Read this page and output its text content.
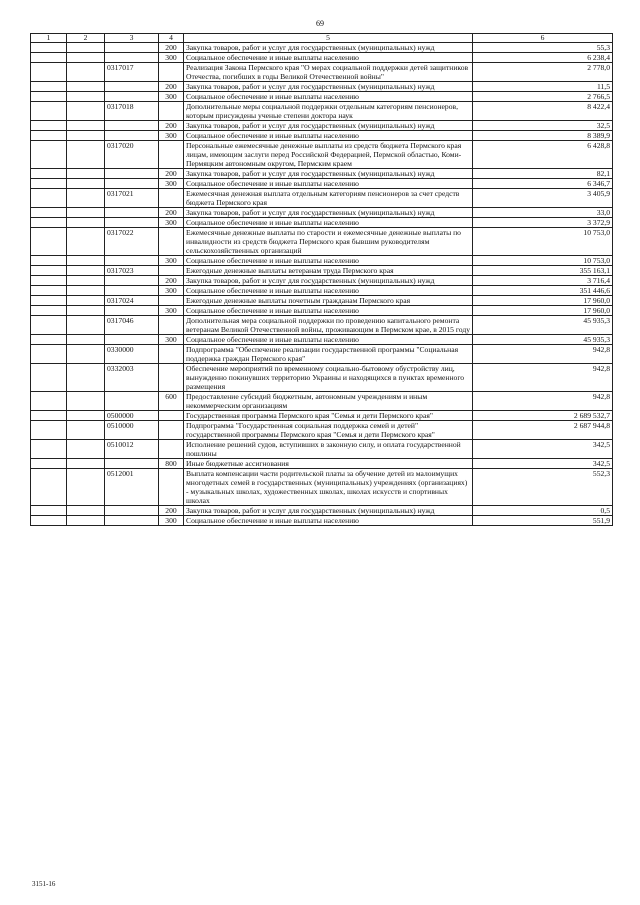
69
1	2	3	4	5	6
			200	Закупка товаров, работ и услуг для государственных (муниципальных) нужд	55,3
			300	Социальное обеспечение и иные выплаты населению	6 238,4
		0317017		Реализация Закона Пермского края "О мерах социальной поддержки детей защитников Отечества, погибших в годы Великой Отечественной войны"	2 778,0
			200	Закупка товаров, работ и услуг для государственных (муниципальных) нужд	11,5
			300	Социальное обеспечение и иные выплаты населению	2 766,5
		0317018		Дополнительные меры социальной поддержки отдельным категориям пенсионеров, которым присуждены ученые степени доктора наук	8 422,4
			200	Закупка товаров, работ и услуг для государственных (муниципальных) нужд	32,5
			300	Социальное обеспечение и иные выплаты населению	8 389,9
		0317020		Персональные ежемесячные денежные выплаты из средств бюджета Пермского края лицам, имеющим заслуги перед Российской Федерацией, Пермской областью, Коми-Пермяцким автономным округом, Пермским краем	6 428,8
			200	Закупка товаров, работ и услуг для государственных (муниципальных) нужд	82,1
			300	Социальное обеспечение и иные выплаты населению	6 346,7
		0317021		Ежемесячная денежная выплата отдельным категориям пенсионеров за счет средств бюджета Пермского края	3 405,9
			200	Закупка товаров, работ и услуг для государственных (муниципальных) нужд	33,0
			300	Социальное обеспечение и иные выплаты населению	3 372,9
		0317022		Ежемесячные денежные выплаты по старости и ежемесячные денежные выплаты по инвалидности из средств бюджета Пермского края бывшим руководителям сельскохозяйственных организаций	10 753,0
			300	Социальное обеспечение и иные выплаты населению	10 753,0
		0317023		Ежегодные денежные выплаты ветеранам труда Пермского края	355 163,1
			200	Закупка товаров, работ и услуг для государственных (муниципальных) нужд	3 716,4
			300	Социальное обеспечение и иные выплаты населению	351 446,6
		0317024		Ежегодные денежные выплаты почетным гражданам Пермского края	17 960,0
			300	Социальное обеспечение и иные выплаты населению	17 960,0
		0317046		Дополнительная мера социальной поддержки по проведению капитального ремонта ветеранам Великой Отечественной войны, проживающим в Пермском крае, в 2015 году	45 935,3
			300	Социальное обеспечение и иные выплаты населению	45 935,3
		0330000		Подпрограмма "Обеспечение реализации государственной программы "Социальная поддержка граждан Пермского края"	942,8
		0332003		Обеспечение мероприятий по временному социально-бытовому обустройству лиц, вынужденно покинувших территорию Украины и находящихся в пунктах временного размещения	942,8
			600	Предоставление субсидий бюджетным, автономным учреждениям и иным некоммерческим организациям	942,8
		0500000		Государственная программа Пермского края "Семья и дети Пермского края"	2 689 532,7
		0510000		Подпрограмма "Государственная социальная поддержка семей и детей" государственной программы Пермского края "Семья и дети Пермского края"	2 687 944,8
		0510012		Исполнение решений судов, вступивших в законную силу, и оплата государственной пошлины	342,5
			800	Иные бюджетные ассигнования	342,5
		0512001		Выплата компенсации части родительской платы за обучение детей из малоимущих многодетных семей в государственных (муниципальных) учреждениях (организациях) - музыкальных школах, художественных школах, школах искусств и спортивных школах	552,3
			200	Закупка товаров, работ и услуг для государственных (муниципальных) нужд	0,5
			300	Социальное обеспечение и иные выплаты населению	551,9
3151-16
